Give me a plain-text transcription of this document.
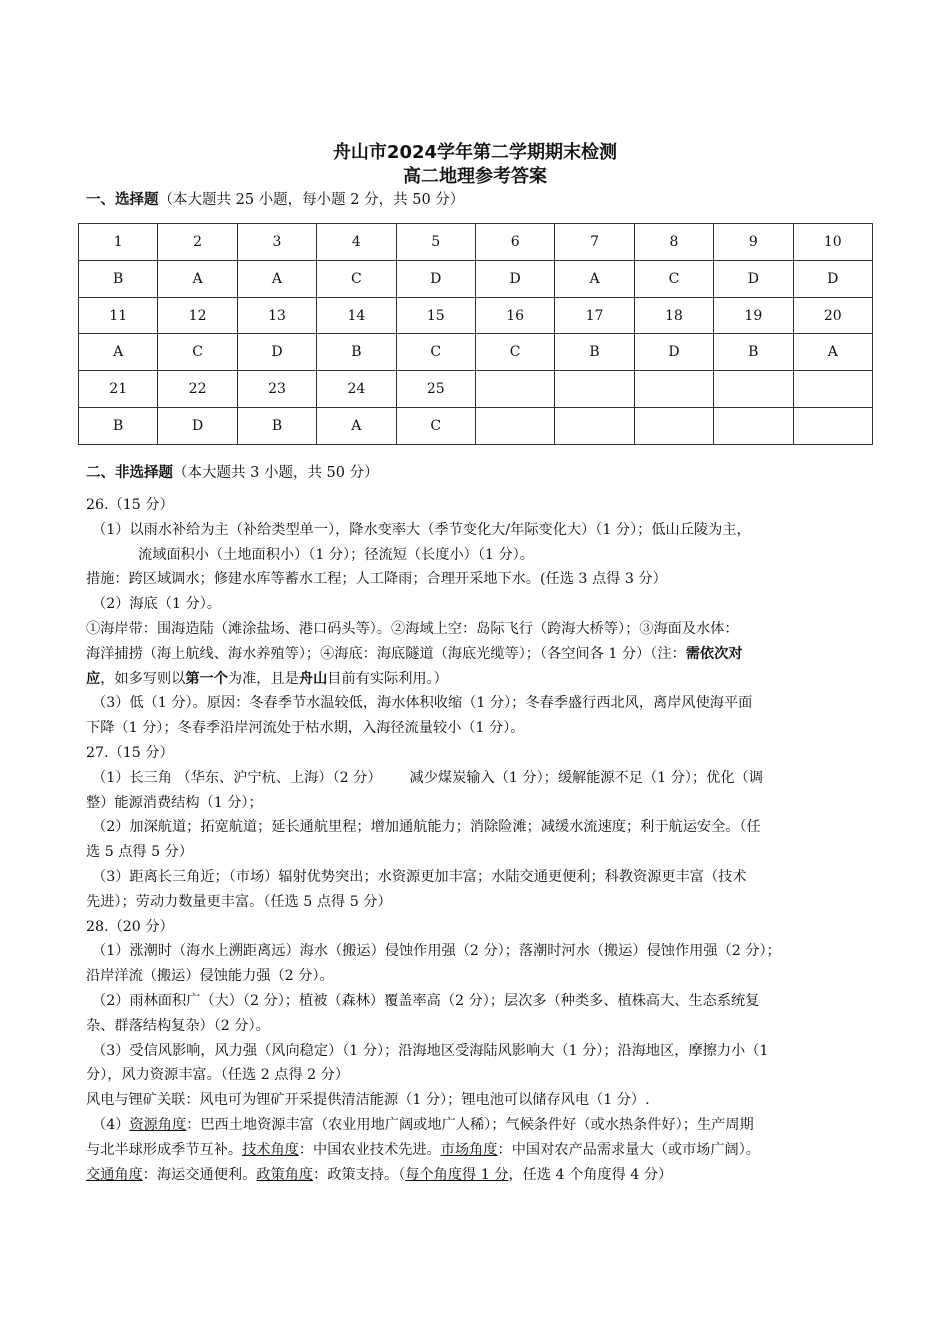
舟山市2024学年第二学期期末检测
高二地理参考答案
一、选择题（本大题共 25 小题，每小题 2 分，共 50 分）
1	2	3	4	5	6	7	8	9	10
B	A	A	C	D	D	A	C	D	D
11	12	13	14	15	16	17	18	19	20
A	C	D	B	C	C	B	D	B	A
21	22	23	24	25					
B	D	B	A	C					
二、非选择题（本大题共 3 小题，共 50 分）

26.（15 分）

（1）以雨水补给为主（补给类型单一），降水变率大（季节变化大/年际变化大）（1 分）；低山丘陵为主，

流域面积小（土地面积小）（1 分）；径流短（长度小）（1 分）。

措施：跨区域调水；修建水库等蓄水工程；人工降雨；合理开采地下水。(任选 3 点得 3 分）

（2）海底（1 分）。

①海岸带：围海造陆（滩涂盐场、港口码头等）。②海域上空：岛际飞行（跨海大桥等）；③海面及水体：

海洋捕捞（海上航线、海水养殖等）；④海底：海底隧道（海底光缆等）；（各空间各 1 分）（注：需依次对

应，如多写则以第一个为准，且是舟山目前有实际利用。）

（3）低（1 分）。原因：冬春季节水温较低，海水体积收缩（1 分）；冬春季盛行西北风，离岸风使海平面

下降（1 分）；冬春季沿岸河流处于枯水期，入海径流量较小（1 分）。

27.（15 分）

（1）长三角 （华东、沪宁杭、上海）（2 分） 减少煤炭输入（1 分）；缓解能源不足（1 分）；优化（调

整）能源消费结构（1 分）；

（2）加深航道；拓宽航道；延长通航里程；增加通航能力；消除险滩；减缓水流速度；利于航运安全。（任

选 5 点得 5 分）

（3）距离长三角近；（市场）辐射优势突出；水资源更加丰富；水陆交通更便利；科教资源更丰富（技术

先进）；劳动力数量更丰富。（任选 5 点得 5 分）

28.（20 分）

（1）涨潮时（海水上溯距离远）海水（搬运）侵蚀作用强（2 分）；落潮时河水（搬运）侵蚀作用强（2 分）；

沿岸洋流（搬运）侵蚀能力强（2 分）。

（2）雨林面积广（大）（2 分）；植被（森林）覆盖率高（2 分）；层次多（种类多、植株高大、生态系统复

杂、群落结构复杂）（2 分）。

（3）受信风影响，风力强（风向稳定）（1 分）；沿海地区受海陆风影响大（1 分）；沿海地区，摩擦力小（1

分），风力资源丰富。（任选 2 点得 2 分）

风电与锂矿关联：风电可为锂矿开采提供清洁能源（1 分）；锂电池可以储存风电（1 分）.

（4）资源角度：巴西土地资源丰富（农业用地广阔或地广人稀）；气候条件好（或水热条件好）；生产周期

与北半球形成季节互补。技术角度：中国农业技术先进。市场角度：中国对农产品需求量大（或市场广阔）。

交通角度：海运交通便利。政策角度：政策支持。（每个角度得 1 分，任选 4 个角度得 4 分）
